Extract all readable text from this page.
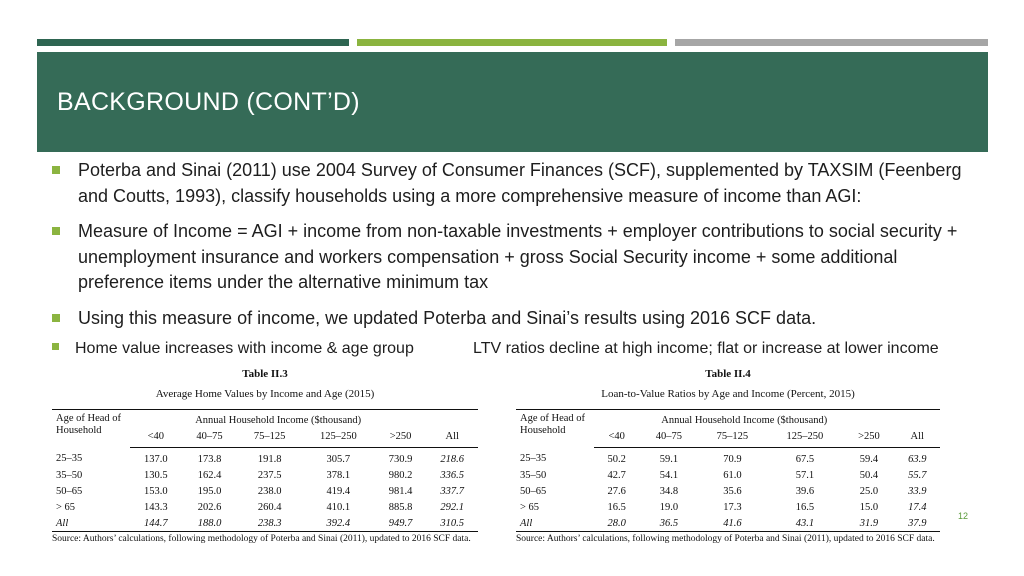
BACKGROUND (CONT’D)
Poterba and Sinai (2011) use 2004 Survey of Consumer Finances (SCF), supplemented by TAXSIM (Feenberg and Coutts, 1993), classify households using a more comprehensive measure of income than AGI:
Measure of Income = AGI + income from non-taxable investments + employer contributions to social security + unemployment insurance and workers compensation + gross Social Security income + some additional preference items under the alternative minimum tax
Using this measure of income, we updated Poterba and Sinai’s results using 2016 SCF data.
Home value increases with income & age group	LTV ratios decline at high income; flat or increase at lower income
Table II.3
Average Home Values by Income and Age (2015)
Age of Head of Household	Annual Household Income ($thousand)					
	<40	40–75	75–125	125–250	>250	All
25–35	137.0	173.8	191.8	305.7	730.9	218.6
35–50	130.5	162.4	237.5	378.1	980.2	336.5
50–65	153.0	195.0	238.0	419.4	981.4	337.7
> 65	143.3	202.6	260.4	410.1	885.8	292.1
All	144.7	188.0	238.3	392.4	949.7	310.5
Source: Authors’ calculations, following methodology of Poterba and Sinai (2011), updated to 2016 SCF data.
Table II.4
Loan-to-Value Ratios by Age and Income (Percent, 2015)
Age of Head of Household	Annual Household Income ($thousand)					
	<40	40–75	75–125	125–250	>250	All
25–35	50.2	59.1	70.9	67.5	59.4	63.9
35–50	42.7	54.1	61.0	57.1	50.4	55.7
50–65	27.6	34.8	35.6	39.6	25.0	33.9
> 65	16.5	19.0	17.3	16.5	15.0	17.4
All	28.0	36.5	41.6	43.1	31.9	37.9
Source: Authors’ calculations, following methodology of Poterba and Sinai (2011), updated to 2016 SCF data.
12
